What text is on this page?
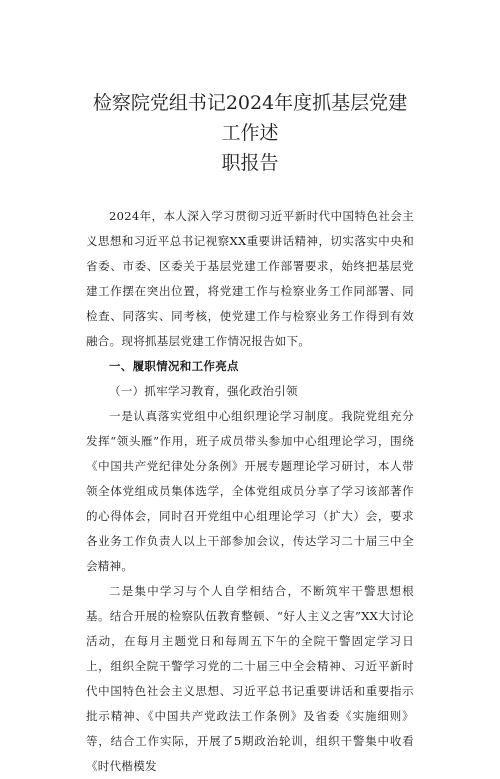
检察院党组书记2024年度抓基层党建工作述
职报告

2024年，本人深入学习贯彻习近平新时代中国特色社会主义思想和习近平总书记视察XX重要讲话精神，切实落实中央和省委、市委、区委关于基层党建工作部署要求，始终把基层党建工作摆在突出位置，将党建工作与检察业务工作同部署、同检查、同落实、同考核，使党建工作与检察业务工作得到有效融合。现将抓基层党建工作情况报告如下。

一、履职情况和工作亮点

（一）抓牢学习教育，强化政治引领

一是认真落实党组中心组织理论学习制度。我院党组充分发挥“领头雁”作用，班子成员带头参加中心组理论学习，围绕《中国共产党纪律处分条例》开展专题理论学习研讨，本人带领全体党组成员集体选学，全体党组成员分享了学习该部著作的心得体会，同时召开党组中心组理论学习（扩大）会，要求各业务工作负责人以上干部参加会议，传达学习二十届三中全会精神。

二是集中学习与个人自学相结合，不断筑牢干警思想根基。结合开展的检察队伍教育整顿、“好人主义之害”XX大讨论活动，在每月主题党日和每周五下午的全院干警固定学习日上，组织全院干警学习党的二十届三中全会精神、习近平新时代中国特色社会主义思想、习近平总书记重要讲话和重要指示批示精神、《中国共产党政法工作条例》及省委《实施细则》等，结合工作实际，开展了5期政治轮训，组织干警集中收看《时代楷模发
